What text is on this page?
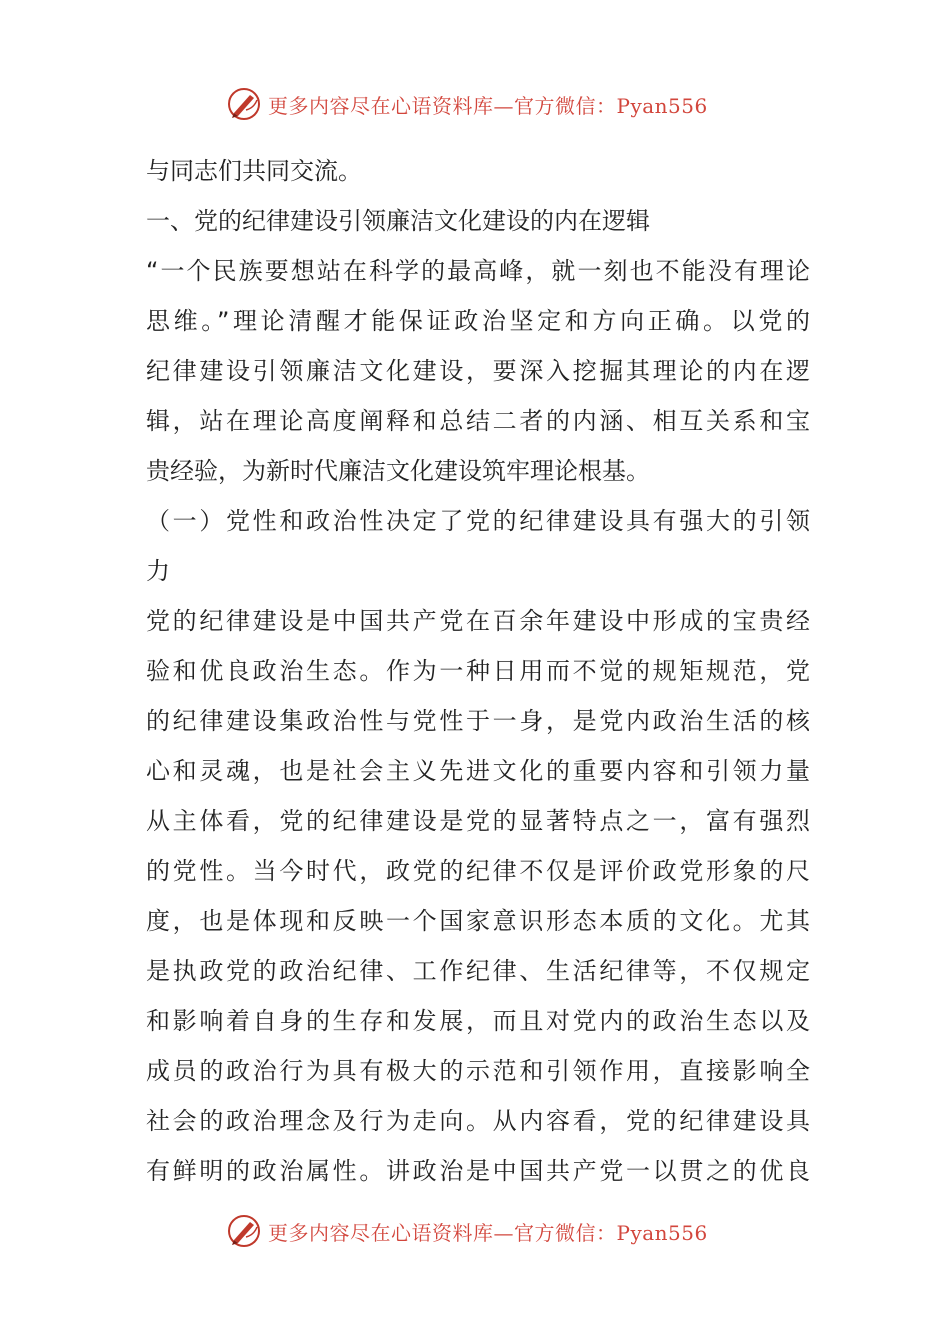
更多内容尽在心语资料库—官方微信：Pyan556
与同志们共同交流。
一、党的纪律建设引领廉洁文化建设的内在逻辑
“一个民族要想站在科学的最高峰，就一刻也不能没有理论
思维。”理论清醒才能保证政治坚定和方向正确。以党的
纪律建设引领廉洁文化建设，要深入挖掘其理论的内在逻
辑，站在理论高度阐释和总结二者的内涵、相互关系和宝
贵经验，为新时代廉洁文化建设筑牢理论根基。
（一）党性和政治性决定了党的纪律建设具有强大的引领
力
党的纪律建设是中国共产党在百余年建设中形成的宝贵经
验和优良政治生态。作为一种日用而不觉的规矩规范，党
的纪律建设集政治性与党性于一身，是党内政治生活的核
心和灵魂，也是社会主义先进文化的重要内容和引领力量
从主体看，党的纪律建设是党的显著特点之一，富有强烈
的党性。当今时代，政党的纪律不仅是评价政党形象的尺
度，也是体现和反映一个国家意识形态本质的文化。尤其
是执政党的政治纪律、工作纪律、生活纪律等，不仅规定
和影响着自身的生存和发展，而且对党内的政治生态以及
成员的政治行为具有极大的示范和引领作用，直接影响全
社会的政治理念及行为走向。从内容看，党的纪律建设具
有鲜明的政治属性。讲政治是中国共产党一以贯之的优良
更多内容尽在心语资料库—官方微信：Pyan556
